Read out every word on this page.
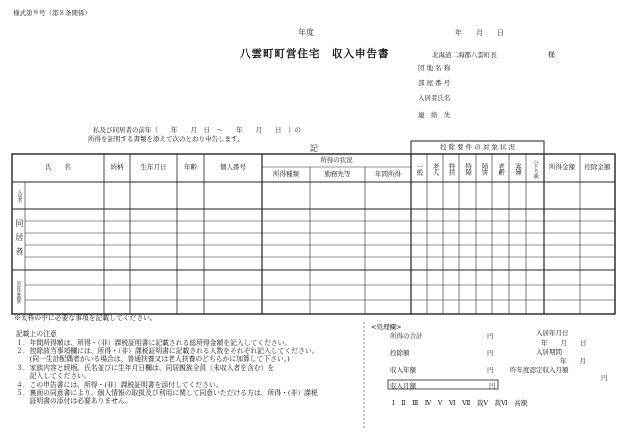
様式第９号（第８条関係）
年度	年　　月　　日
八雲町町営住宅　収入申告書	北海道二海郡八雲町長	様
団 地 名 称
部 屋 番 号
入居者氏名
連　絡　先
私及び同居者の前年（　　年　　月　日　～　　年　　月　　日　）の
所得を証明する書類を添えて次のとおり申告します。
記
氏　　名	続柄	生年月日	年齢	個人番号
所得の状況
所得種類	勤務先等	年間所得
控 除 要 件 の 対 象 状 況
一般	老人	特扶	特障	障害	老齢	寡婦	ひとり親	所得金額	控除金額
入居者
同居者
別居扶養親族
※太枠の中に必要な事項を記載してください。
記載上の注意
１．年間所得額は、所得・（非）課税証明書に記載される総所得金額を記入してください。
２．控除該当事項欄には、所得・（非）課税証明書に記載される人数をそれぞれ記入してください。
　　(同一生計配偶者がいる場合は、普通扶養又は老人扶養のどちらかに加算して下さい。)
３．家族内容と続柄、氏名並びに生年月日欄は、同居親族全員（未収入者を含む）を
　　記入してください。
４．この申告書には、所得・(非）課税証明書を添付してください。
５．裏面の同意書により、個人情報の取扱及び利用に関して同意いただける方は、所得・(非）課税
　　証明書の添付は必要ありません。
<処理欄>
所得の合計	円
控除額	円
収入年額	円
収入月額	円
入居年月日
年　　月　　日
入居期間
年　　月
昨年度認定収入月額
円
Ⅰ　Ⅱ　Ⅲ　Ⅳ　Ⅴ　Ⅵ　Ⅶ　裁Ⅴ　裁Ⅵ　高額
